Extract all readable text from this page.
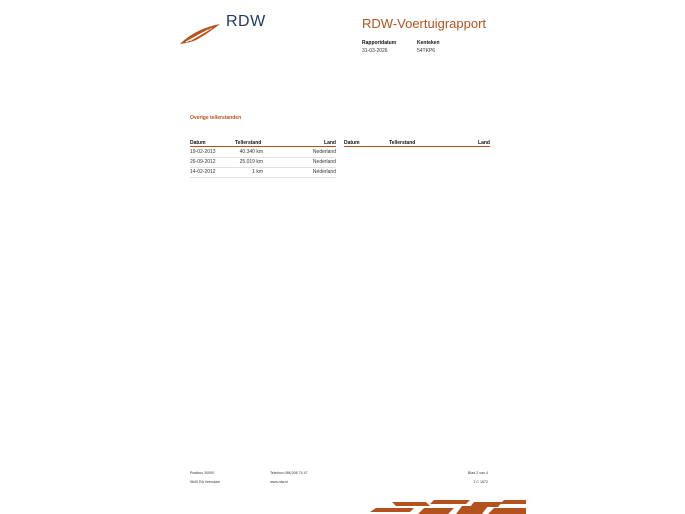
RDW	RDW-Voertuigrapport
Rapportdatum
31-03-2026
Kenteken
54TKP6
Overige tellerstanden
Datum	Tellerstand	Land Datum	Tellerstand	Land
19-02-2013	40.340 km	Nederland
26-09-2012	25.019 km	Nederland
14-02-2012	1 km	Nederland
Postbus 30000
9640 RA Veendam
Telefoon 088 008 74 47
www.rdw.nl
Blad 2 van 4
3 C 1672
